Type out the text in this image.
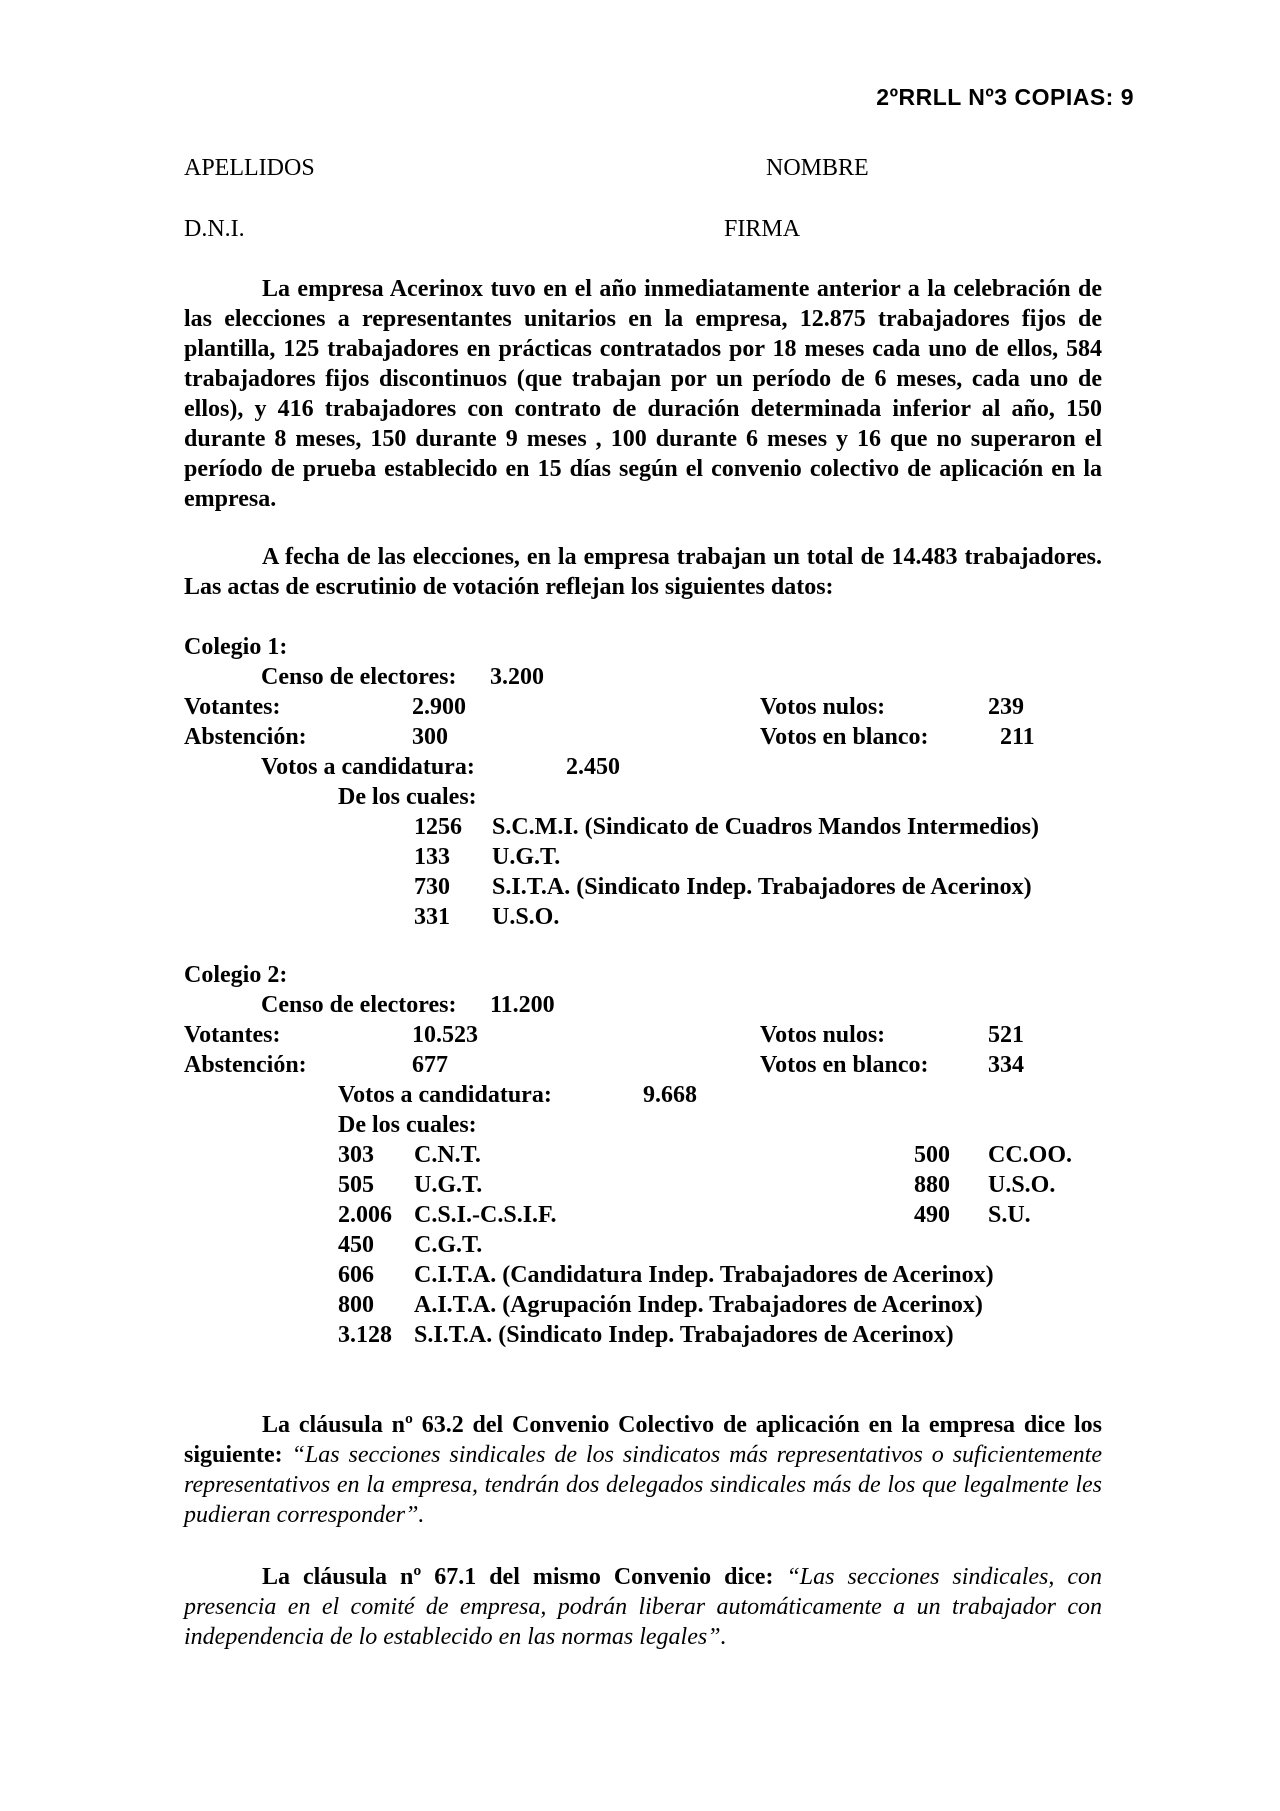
2ºRRLL Nº3 COPIAS: 9
APELLIDOS	NOMBRE
D.N.I.	FIRMA
La empresa Acerinox tuvo en el año inmediatamente anterior a la celebración de las elecciones a representantes unitarios en la empresa, 12.875 trabajadores fijos de plantilla, 125 trabajadores en prácticas contratados por 18 meses cada uno de ellos, 584 trabajadores fijos discontinuos (que trabajan por un período de 6 meses, cada uno de ellos), y 416 trabajadores con contrato de duración determinada inferior al año, 150 durante 8 meses, 150 durante 9 meses , 100 durante 6 meses y 16 que no superaron el período de prueba establecido en 15 días según el convenio colectivo de aplicación en la empresa.
A fecha de las elecciones, en la empresa trabajan un total de 14.483 trabajadores. Las actas de escrutinio de votación reflejan los siguientes datos:
Colegio 1:
Censo de electores: 3.200
Votantes:	2.900	Votos nulos:	239
Abstención:	300	Votos en blanco:	211
Votos a candidatura:	2.450
De los cuales:
1256 S.C.M.I. (Sindicato de Cuadros Mandos Intermedios)
133 U.G.T.
730 S.I.T.A. (Sindicato Indep. Trabajadores de Acerinox)
331 U.S.O.
Colegio 2:
Censo de electores: 11.200
Votantes:	10.523	Votos nulos:	521
Abstención:	677	Votos en blanco: 334
Votos a candidatura:	9.668
De los cuales:
303 C.N.T.
505 U.G.T.
2.006 C.S.I.-C.S.I.F.
450 C.G.T.
606 C.I.T.A. (Candidatura Indep. Trabajadores de Acerinox)
800 A.I.T.A. (Agrupación Indep. Trabajadores de Acerinox)
3.128 S.I.T.A. (Sindicato Indep. Trabajadores de Acerinox)
500 CC.OO.
880 U.S.O.
490 S.U.
La cláusula nº 63.2 del Convenio Colectivo de aplicación en la empresa dice los siguiente: “Las secciones sindicales de los sindicatos más representativos o suficientemente representativos en la empresa, tendrán dos delegados sindicales más de los que legalmente les pudieran corresponder”.
La cláusula nº 67.1 del mismo Convenio dice: “Las secciones sindicales, con presencia en el comité de empresa, podrán liberar automáticamente a un trabajador con independencia de lo establecido en las normas legales”.
